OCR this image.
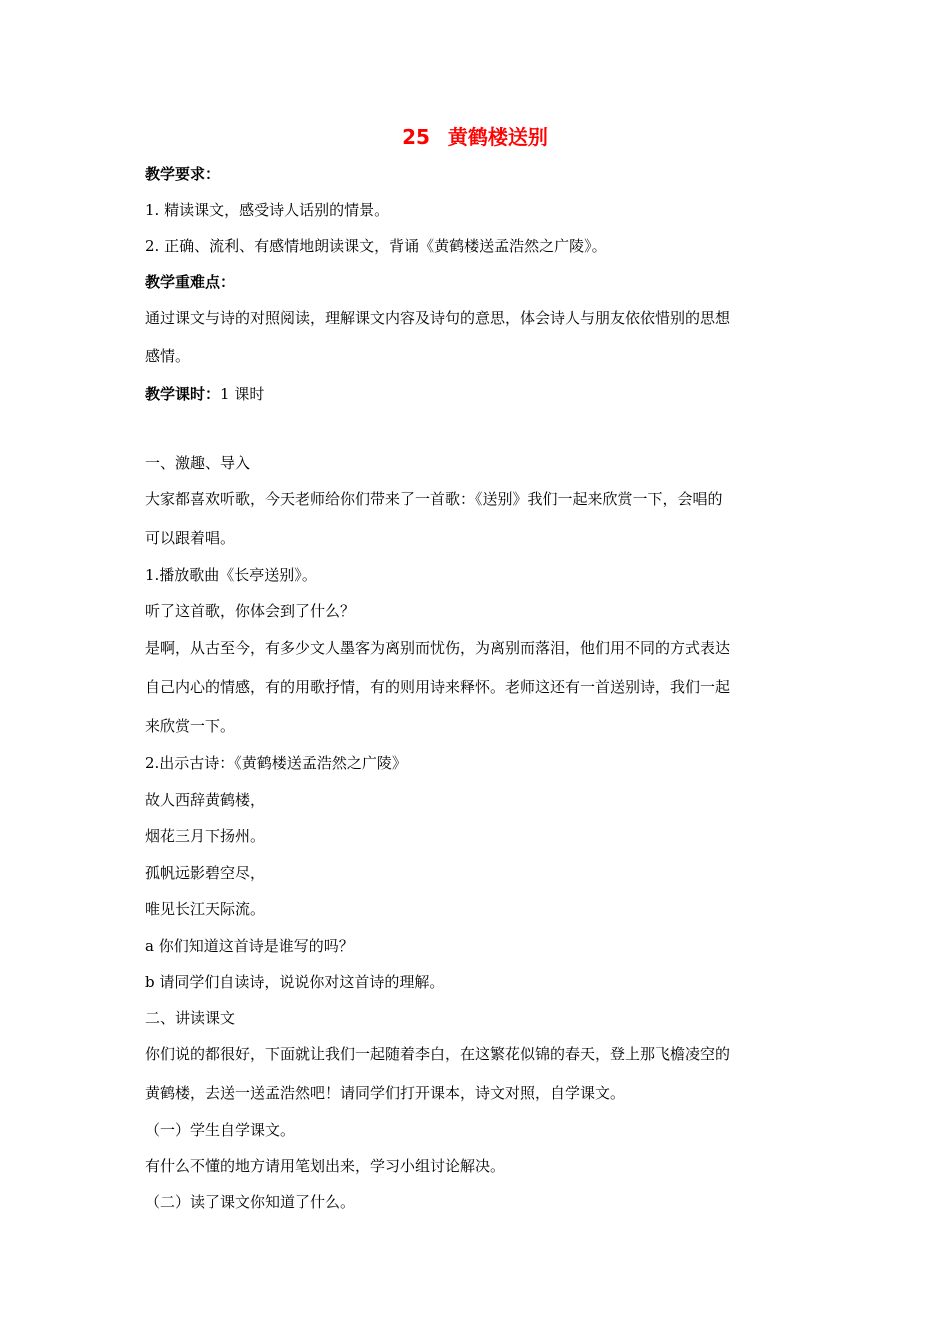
25 黄鹤楼送别
教学要求：
1. 精读课文，感受诗人话别的情景。
2. 正确、流利、有感情地朗读课文，背诵《黄鹤楼送孟浩然之广陵》。
教学重难点：
通过课文与诗的对照阅读，理解课文内容及诗句的意思，体会诗人与朋友依依惜别的思想
感情。
教学课时：1 课时
一、激趣、导入
大家都喜欢听歌，今天老师给你们带来了一首歌：《送别》我们一起来欣赏一下，会唱的
可以跟着唱。
1.播放歌曲《长亭送别》。
听了这首歌，你体会到了什么？
是啊，从古至今，有多少文人墨客为离别而忧伤，为离别而落泪，他们用不同的方式表达
自己内心的情感，有的用歌抒情，有的则用诗来释怀。老师这还有一首送别诗，我们一起
来欣赏一下。
2.出示古诗：《黄鹤楼送孟浩然之广陵》
故人西辞黄鹤楼，
烟花三月下扬州。
孤帆远影碧空尽，
唯见长江天际流。
a 你们知道这首诗是谁写的吗？
b 请同学们自读诗，说说你对这首诗的理解。
二、讲读课文
你们说的都很好，下面就让我们一起随着李白，在这繁花似锦的春天，登上那飞檐凌空的
黄鹤楼，去送一送孟浩然吧！请同学们打开课本，诗文对照，自学课文。
（一）学生自学课文。
有什么不懂的地方请用笔划出来，学习小组讨论解决。
（二）读了课文你知道了什么。
